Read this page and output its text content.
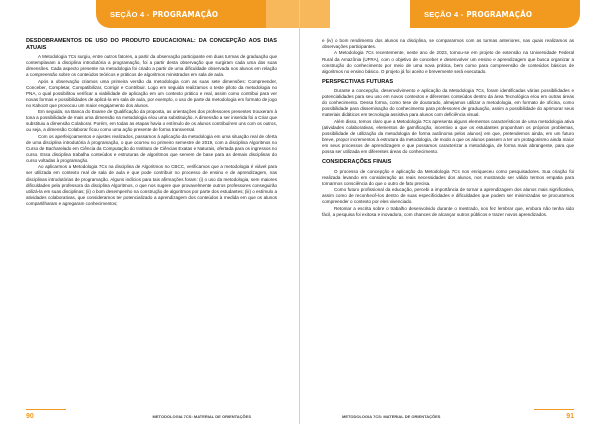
SEÇÃO 4 - PROGRAMAÇÃO
DESDOBRAMENTOS DE USO DO PRODUTO EDUCACIONAL: DA CONCEPÇÃO AOS DIAS ATUAIS

A Metodologia 7Cs surgiu, entre outros fatores, a partir da observação participante em duas turmas de graduação que contemplavam a disciplina introdutória a programação, foi a partir desta observação que surgiram cada uma das suas dimensões. Cada aspecto presente na metodologia foi criado a partir de uma dificuldade observada nos alunos em relação a compreensão sobre os conteúdos teóricos e práticos de algoritmos ministrados em sala de aula.

Após a observação criamos uma primeira versão da metodologia com as suas sete dimensões: Compreender, Conceber, Completar, Compatibilizar, Corrigir e Contribuir. Logo em seguida realizamos o teste piloto da metodologia no PNA, o qual possibilitou verificar a viabilidade de aplicação em um contexto prático e real, assim como contribui para ver novas formas e possibilidades de aplicá-la em sala de aula, por exemplo, o uso de parte da metodologia em formato de jogo no Kahoot! que provocou um maior engajamento dos alunos.

Em seguida, na Banca do Exame de Qualificação da proposta, as orientações dos professores presentes trouxeram à tona a possibilidade de mais uma dimensão na metodologia e/ou uma substituição. A dimensão a ser inserida foi a Criar que substituiu a dimensão Colaborar. Porém, em todas as etapas havia o estímulo de os alunos contribuírem uns com os outros, ou seja, a dimensão Colaborar ficou como uma ação presente de forma transversal.

Com os aperfeiçoamentos e ajustes realizados, passamos à aplicação da metodologia em uma situação real de oferta de uma disciplina introdutória à programação, o que ocorreu no primeiro semestre de 2019, com a disciplina Algoritmos no Curso de Bacharelado em Ciência da Computação do Instituto de Ciências Exatas e Naturais, ofertada para os ingressos no curso. Essa disciplina trabalha conteúdos e estruturas de algoritmos que servem de base para as demais disciplinas do curso voltadas à programação.

Ao aplicarmos a Metodologia 7Cs na disciplina de Algoritmos no CBCC, verificamos que a metodologia é viável para ser utilizada em contexto real de sala de aula e que pode contribuir no processo de ensino e de aprendizagem, nas disciplinas introdutórias de programação. Alguns indícios para tais afirmações foram: (i) o uso da metodologia, sem maiores dificuldades pela professora da disciplina Algoritmos, o que nos sugere que provavelmente outros professores conseguirão utilizá-la em suas disciplinas; (ii) o bom desempenho na construção de algoritmos por parte dos estudantes; (iii) o estímulo a atividades colaborativas, que consideramos ter potencializado a aprendizagem dos conteúdos à medida em que os alunos compartilharam e agregaram conhecimentos;

90	METODOLOGIA 7CS: MATERIAL DE ORIENTAÇÕES
SEÇÃO 4 - PROGRAMAÇÃO

e (iv) o bom rendimento dos alunos na disciplina, se compararmos com as turmas anteriores, nas quais realizamos as observações participantes.

A Metodologia 7Cs recentemente, neste ano de 2023, tornou-se em projeto de extensão na Universidade Federal Rural da Amazônia (UFRA), com o objetivo de conceber e desenvolver um ensino e aprendizagem que busca organizar a construção do conhecimento por meio de uma nova prática, bem como para compreensão de conteúdos básicos de algoritmos no ensino básico. O projeto já foi aceito e brevemente será executado.

PERSPECTIVAS FUTURAS

Durante a concepção, desenvolvimento e aplicação da Metodologia 7Cs, foram identificadas várias possibilidades e potencialidades para seu uso em novos contextos e diferentes conteúdos dentro da área Tecnológica e/ou em outras áreas do conhecimento. Dessa forma, como tese de doutorado, almejamos utilizar a metodologia, em formato de oficina, como possibilidade para disseminação do conhecimento para professores de graduação, assim a possibilidade do aprimorar seus materiais didáticos em tecnologia assistiva para alunos com deficiência visual.

Além disso, temos claro que a Metodologia 7Cs apresenta alguns elementos característicos de uma metodologia ativa (atividades colaborativas, elementos de gamificação, incentivo a que os estudantes proponham os próprios problemas, possibilidade de utilização da metodologia de forma autônoma pelos alunos) em que, pretendemos ainda, em um futuro breve, propor incrementos à estrutura da metodologia, de modo a que os alunos passem a ter um protagonismo ainda maior em seus processos de aprendizagem e que possamos caracterizar a metodologia, de forma mais abrangente, para que possa ser utilizada em diferentes áreas do conhecimento.

CONSIDERAÇÕES FINAIS

O processo de concepção e aplicação da Metodologia 7Cs nos enriqueceu como pesquisadores. Sua criação foi realizada levando em consideração as reais necessidades dos alunos, nos mostrando ser válido termos empatia para tornarmos consciência do que o outro de fato precisa.

Como futuro profissional da educação, percebi a importância de tornar a aprendizagem dos alunos mais significativa, assim como de reconhecê-los dentro de suas especificidades e dificuldades que podem ser minimizadas se procurarmos compreender o contexto por eles vivenciado.

Retomar a escrita sobre o trabalho desenvolvido durante o mestrado, nos fez lembrar que, embora não tenha sido fácil, a pesquisa foi exitosa e inovadora, com chances de alcançar outros públicos e trazer novos aprendizados.

METODOLOGIA 7CS: MATERIAL DE ORIENTAÇÕES	91
